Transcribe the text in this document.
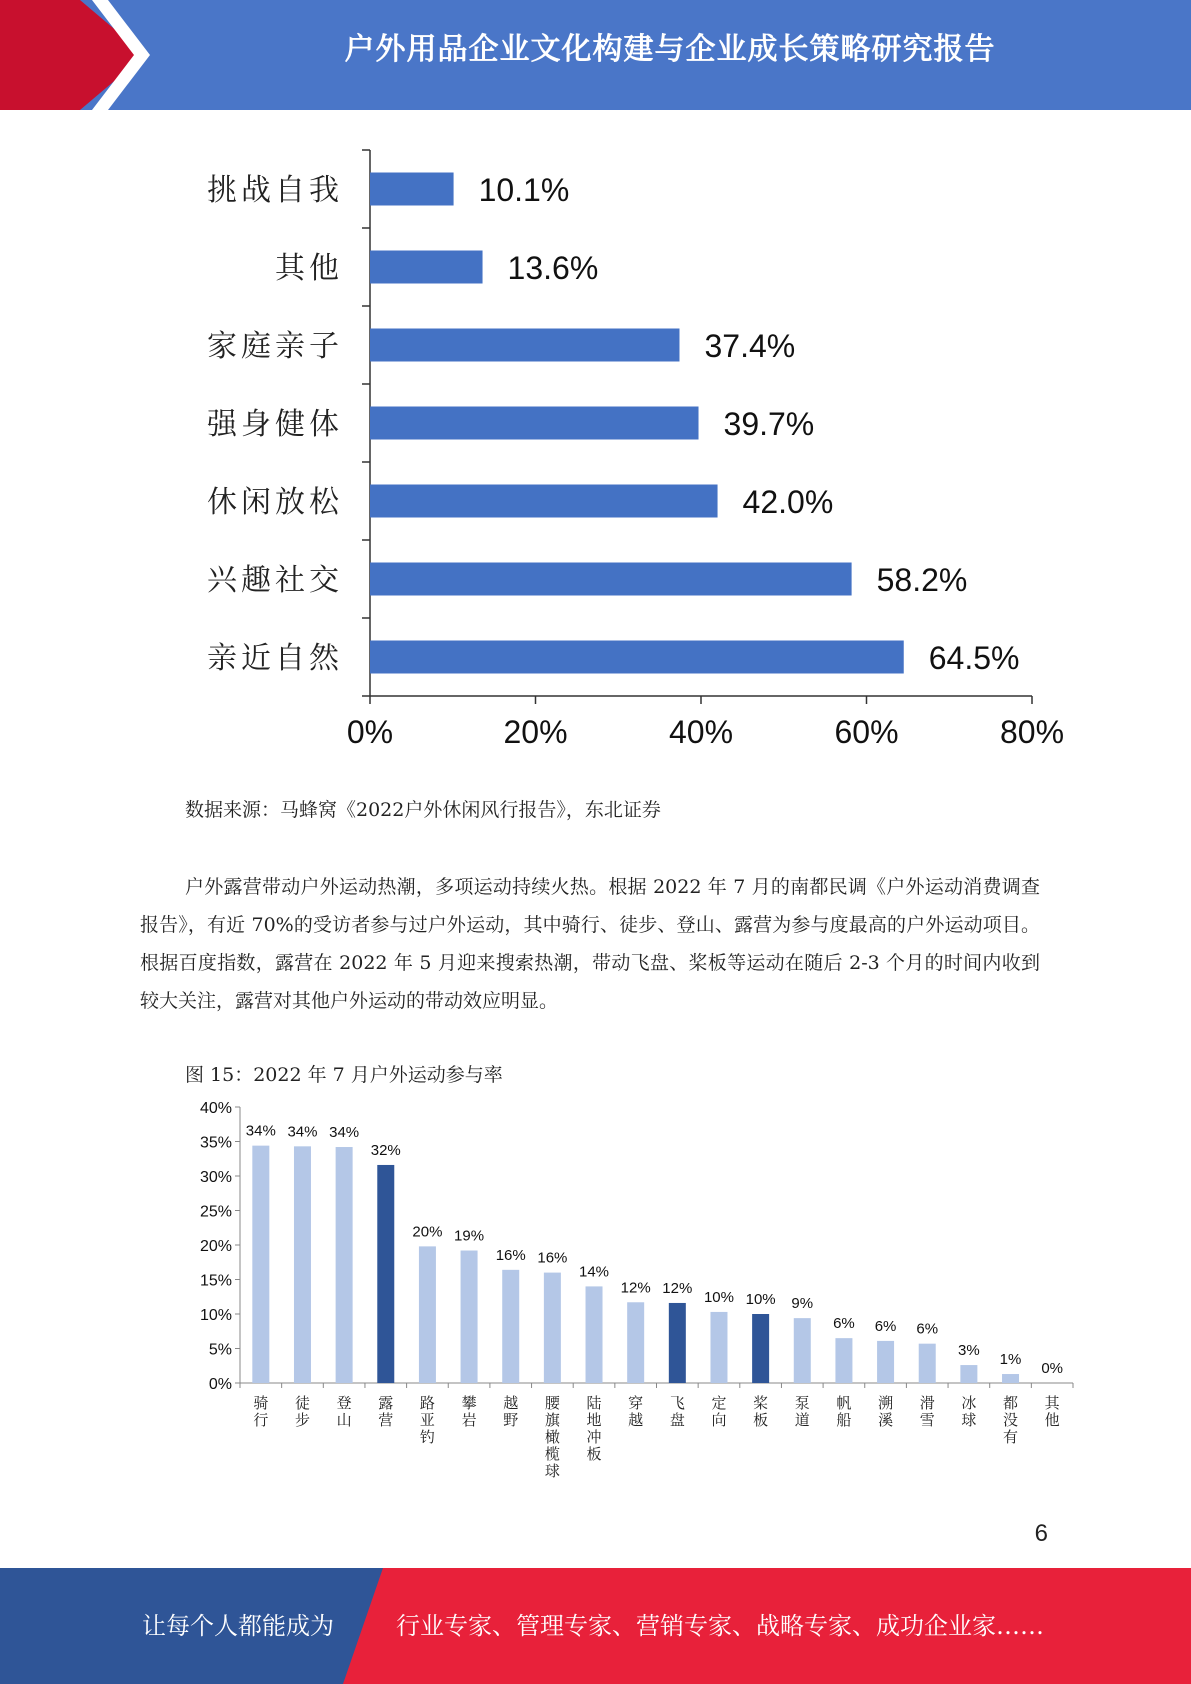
户外用品企业文化构建与企业成长策略研究报告
0%	20%	40%	60%	80%
10.1%
挑战自我
13.6%
其他
37.4%
家庭亲子
39.7%
强身健体
42.0%
休闲放松
58.2%
兴趣社交
64.5%
亲近自然
数据来源：马蜂窝《2022户外休闲风行报告》，东北证券
户外露营带动户外运动热潮，多项运动持续火热。根据 2022 年 7 月的南都民调《户外运动消费调查报告》，有近 70%的受访者参与过户外运动，其中骑行、徒步、登山、露营为参与度最高的户外运动项目。根据百度指数，露营在 2022 年 5 月迎来搜索热潮，带动飞盘、桨板等运动在随后 2-3 个月的时间内收到较大关注，露营对其他户外运动的带动效应明显。
图 15：2022 年 7 月户外运动参与率
40%
35%
30%
25%
20%
15%
10%
5%
0%
34%
骑行
34%
徒步
34%
登山
32%
露营
20%
路亚钓
19%
攀岩
16%
越野
16%
腰旗橄榄球
14%
陆地冲板
12%
穿越
12%
飞盘
10%
定向
10%
桨板
9%
泵道
6%
帆船
6%
溯溪
6%
滑雪
3%
冰球
1%
都没有
0%
其他
6
让每个人都能成为	行业专家、管理专家、营销专家、战略专家、成功企业家……
